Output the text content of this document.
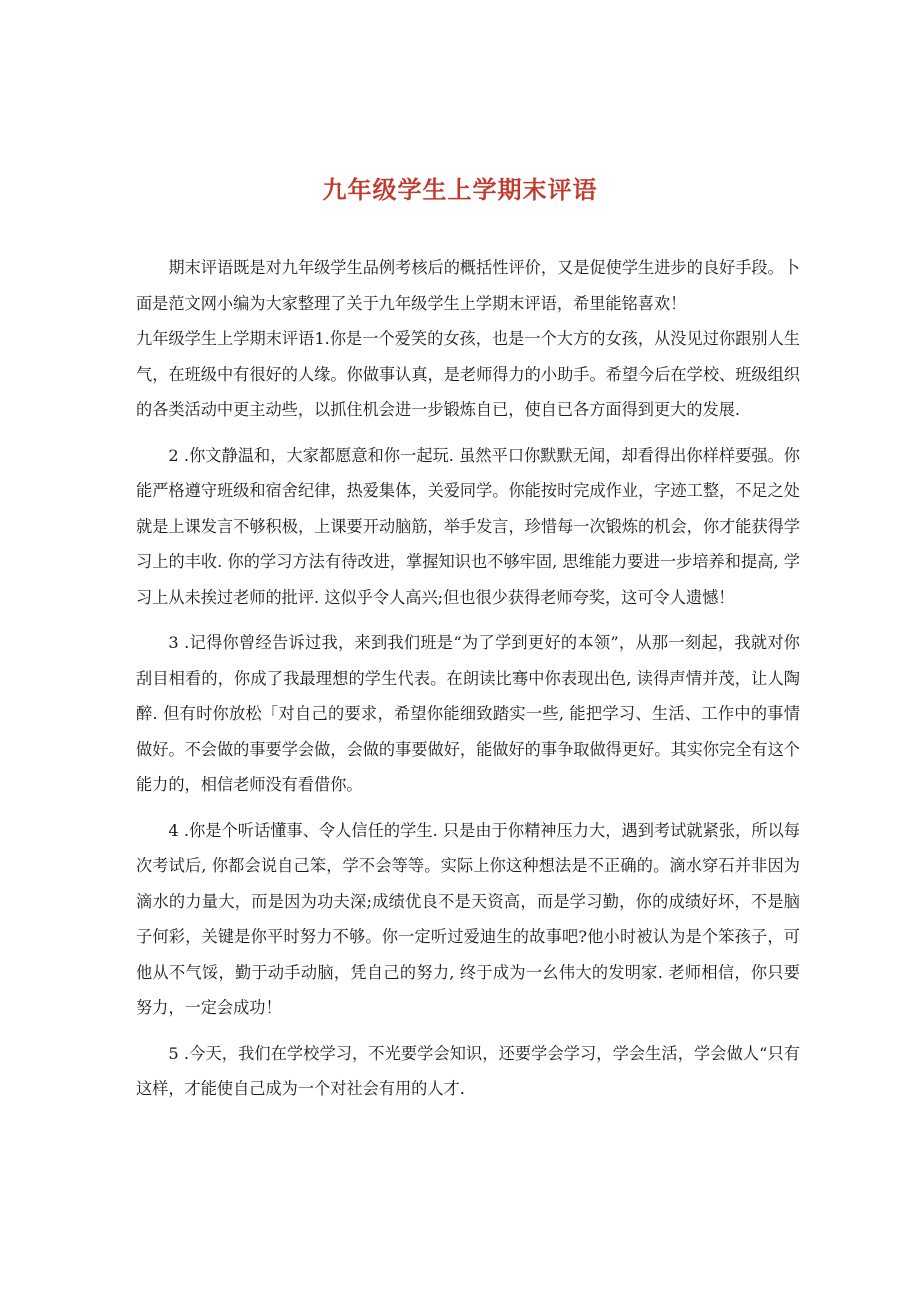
九年级学生上学期末评语

期末评语既是对九年级学生品例考核后的概括性评价，又是促使学生进步的良好手段。卜面是范文网小编为大家整理了关于九年级学生上学期末评语，希里能铭喜欢！

九年级学生上学期末评语1.你是一个爱笑的女孩，也是一个大方的女孩，从没见过你跟别人生气，在班级中有很好的人缘。你做事认真，是老师得力的小助手。希望今后在学校、班级组织的各类活动中更主动些，以抓住机会进一步锻炼自已，使自已各方面得到更大的发展.

2 .你文静温和，大家都愿意和你一起玩. 虽然平口你默默无闻，却看得出你样样要强。你能严格遵守班级和宿舍纪律，热爱集体，关爱同学。你能按时完成作业，字迹工整，不足之处就是上课发言不够积极，上课要开动脑筋，举手发言，珍惜每一次锻炼的机会，你才能获得学习上的丰收. 你的学习方法有待改进，掌握知识也不够牢固, 思维能力要进一步培养和提高, 学习上从未挨过老师的批评. 这似乎令人高兴;但也很少获得老师夸奖，这可令人遗憾！

3 .记得你曾经告诉过我，来到我们班是“为了学到更好的本领”，从那一刻起，我就对你刮目相看的，你成了我最理想的学生代表。在朗读比骞中你表现出色, 读得声情并茂，让人陶醉. 但有时你放松「对自己的要求，希望你能细致踏实一些, 能把学习、生活、工作中的事情做好。不会做的事要学会做，会做的事要做好，能做好的事争取做得更好。其实你完全有这个能力的，相信老师没有看借你。

4 .你是个听话懂事、令人信任的学生. 只是由于你精神压力大，遇到考试就紧张，所以每次考试后, 你都会说自己笨，学不会等等。实际上你这种想法是不正确的。滴水穿石并非因为滴水的力量大，而是因为功夫深;成绩优良不是天资高，而是学习勤，你的成绩好坏，不是脑子何彩，关键是你平时努力不够。你一定听过爱迪生的故事吧?他小时被认为是个笨孩子，可他从不气馁，勤于动手动脑，凭自己的努力, 终于成为一幺伟大的发明家. 老师相信，你只要努力，一定会成功！

5 .今天，我们在学校学习，不光要学会知识，还要学会学习，学会生活，学会做人“只有这样，才能使自己成为一个对社会有用的人才.
